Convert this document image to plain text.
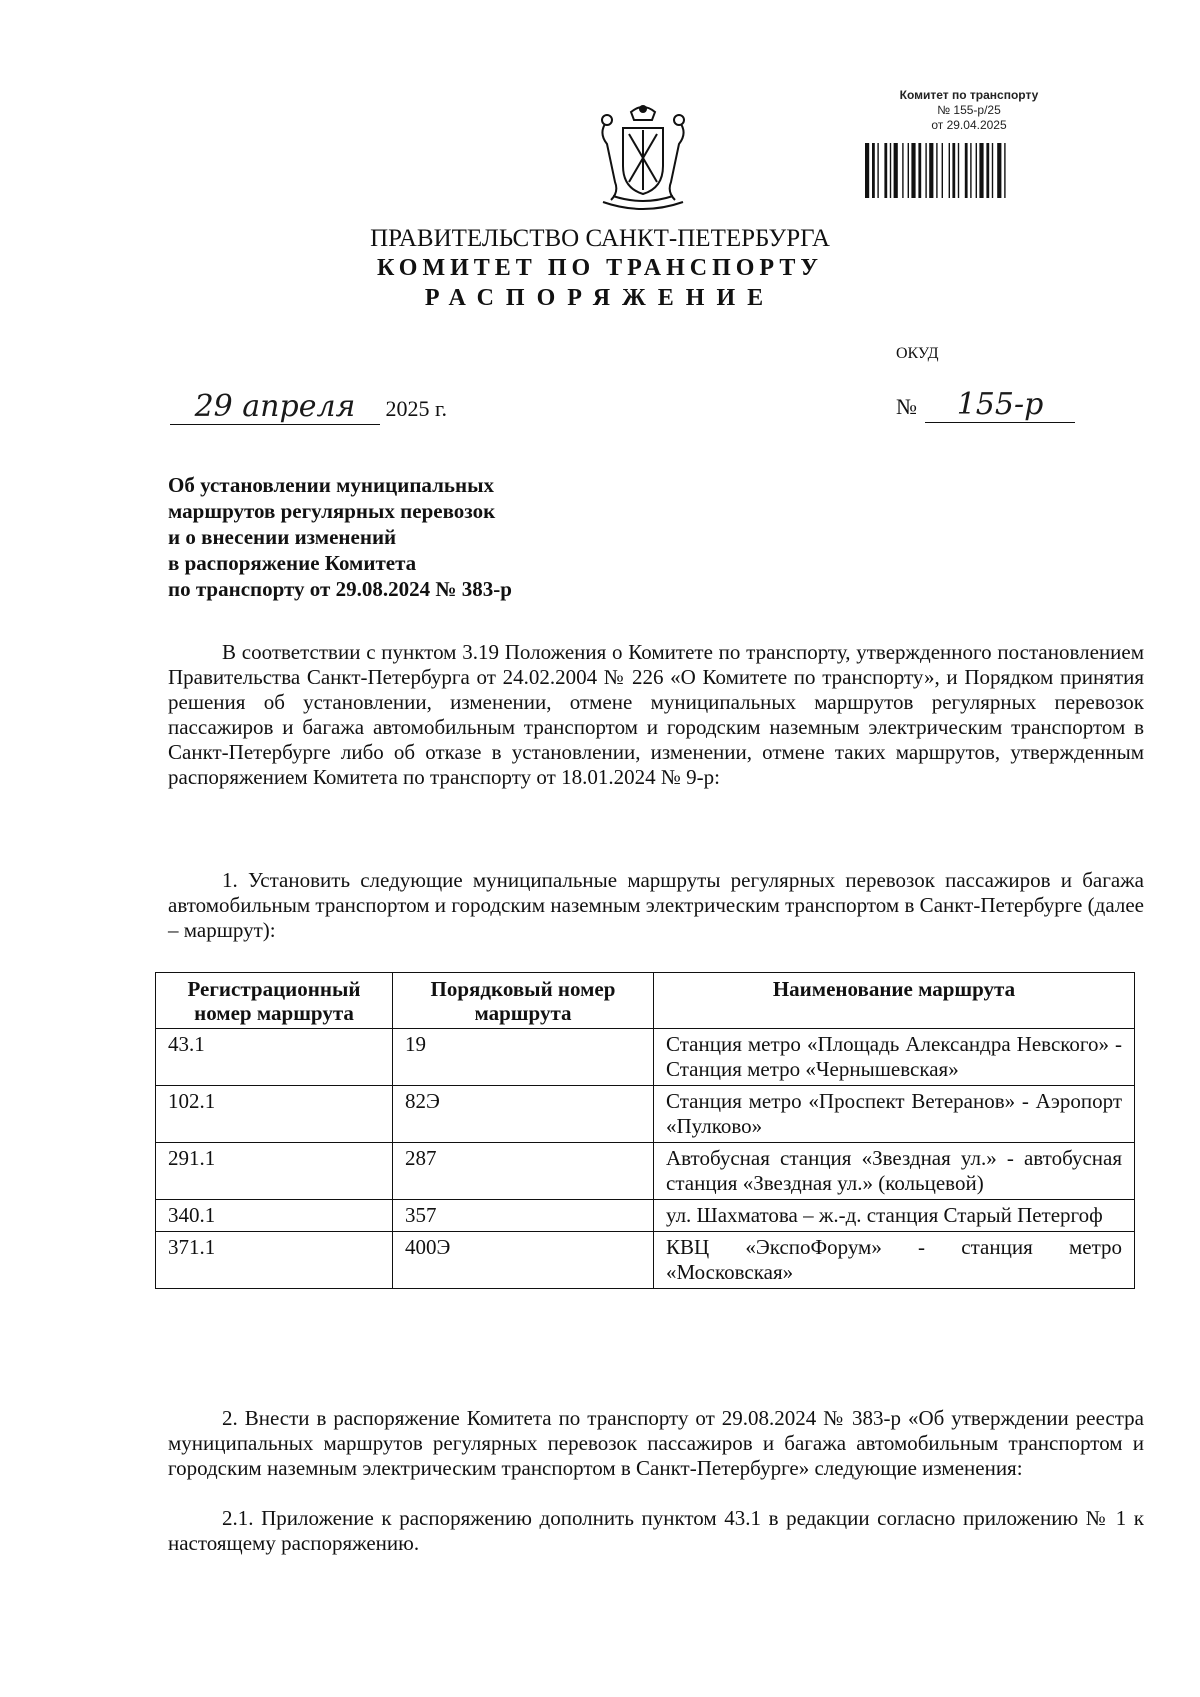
Комитет по транспорту
№ 155-р/25
от 29.04.2025
ПРАВИТЕЛЬСТВО САНКТ-ПЕТЕРБУРГА
КОМИТЕТ ПО ТРАНСПОРТУ
РАСПОРЯЖЕНИЕ
ОКУД
29 апреля 2025 г.	№ 155-р
Об установлении муниципальных
маршрутов регулярных перевозок
и о внесении изменений
в распоряжение Комитета
по транспорту от 29.08.2024 № 383-р

В соответствии с пунктом 3.19 Положения о Комитете по транспорту, утвержденного постановлением Правительства Санкт-Петербурга от 24.02.2004 № 226 «О Комитете по транспорту», и Порядком принятия решения об установлении, изменении, отмене муниципальных маршрутов регулярных перевозок пассажиров и багажа автомобильным транспортом и городским наземным электрическим транспортом в Санкт-Петербурге либо об отказе в установлении, изменении, отмене таких маршрутов, утвержденным распоряжением Комитета по транспорту от 18.01.2024 № 9-р:

1. Установить следующие муниципальные маршруты регулярных перевозок пассажиров и багажа автомобильным транспортом и городским наземным электрическим транспортом в Санкт-Петербурге (далее – маршрут):

Регистрационный номер маршрута	Порядковый номер маршрута	Наименование маршрута
43.1	19	Станция метро «Площадь Александра Невского» - Станция метро «Чернышевская»
102.1	82Э	Станция метро «Проспект Ветеранов» - Аэропорт «Пулково»
291.1	287	Автобусная станция «Звездная ул.» - автобусная станция «Звездная ул.» (кольцевой)
340.1	357	ул. Шахматова – ж.-д. станция Старый Петергоф
371.1	400Э	КВЦ «ЭкспоФорум» - станция метро «Московская»

2. Внести в распоряжение Комитета по транспорту от 29.08.2024 № 383-р «Об утверждении реестра муниципальных маршрутов регулярных перевозок пассажиров и багажа автомобильным транспортом и городским наземным электрическим транспортом в Санкт-Петербурге» следующие изменения:

2.1. Приложение к распоряжению дополнить пунктом 43.1 в редакции согласно приложению № 1 к настоящему распоряжению.
